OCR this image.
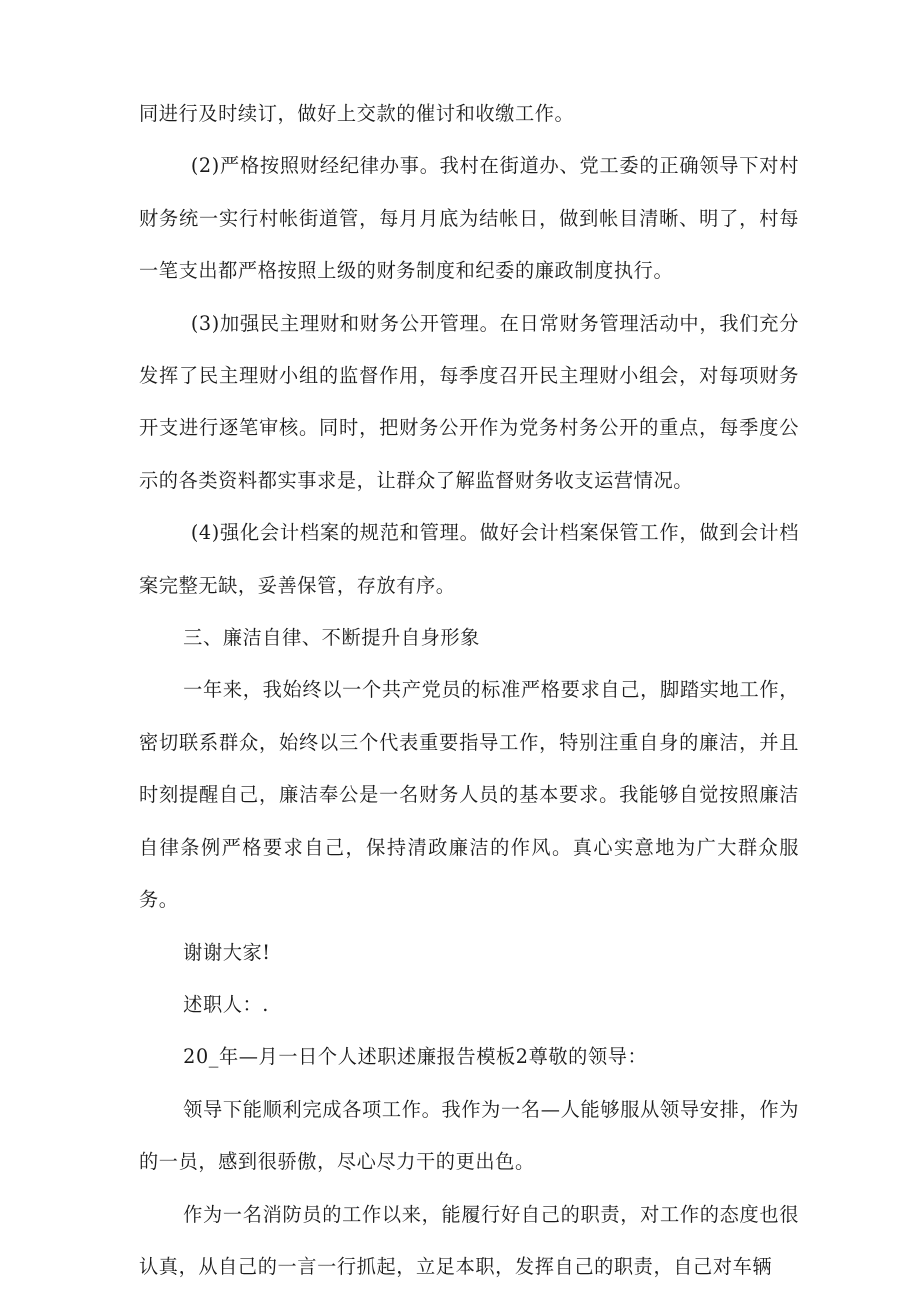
同进行及时续订，做好上交款的催讨和收缴工作。

(2)严格按照财经纪律办事。我村在街道办、党工委的正确领导下对村财务统一实行村帐街道管，每月月底为结帐日，做到帐目清晰、明了，村每一笔支出都严格按照上级的财务制度和纪委的廉政制度执行。

(3)加强民主理财和财务公开管理。在日常财务管理活动中，我们充分发挥了民主理财小组的监督作用，每季度召开民主理财小组会，对每项财务开支进行逐笔审核。同时，把财务公开作为党务村务公开的重点，每季度公示的各类资料都实事求是，让群众了解监督财务收支运营情况。

(4)强化会计档案的规范和管理。做好会计档案保管工作，做到会计档案完整无缺，妥善保管，存放有序。

三、廉洁自律、不断提升自身形象

一年来，我始终以一个共产党员的标准严格要求自己，脚踏实地工作，密切联系群众，始终以三个代表重要指导工作，特别注重自身的廉洁，并且时刻提醒自己，廉洁奉公是一名财务人员的基本要求。我能够自觉按照廉洁自律条例严格要求自己，保持清政廉洁的作风。真心实意地为广大群众服务。

谢谢大家!

述职人：.

20_年—月一日个人述职述廉报告模板2尊敬的领导：

领导下能顺利完成各项工作。我作为一名—人能够服从领导安排，作为的一员，感到很骄傲，尽心尽力干的更出色。

作为一名消防员的工作以来，能履行好自己的职责，对工作的态度也很认真，从自己的一言一行抓起，立足本职，发挥自己的职责，自己对车辆
